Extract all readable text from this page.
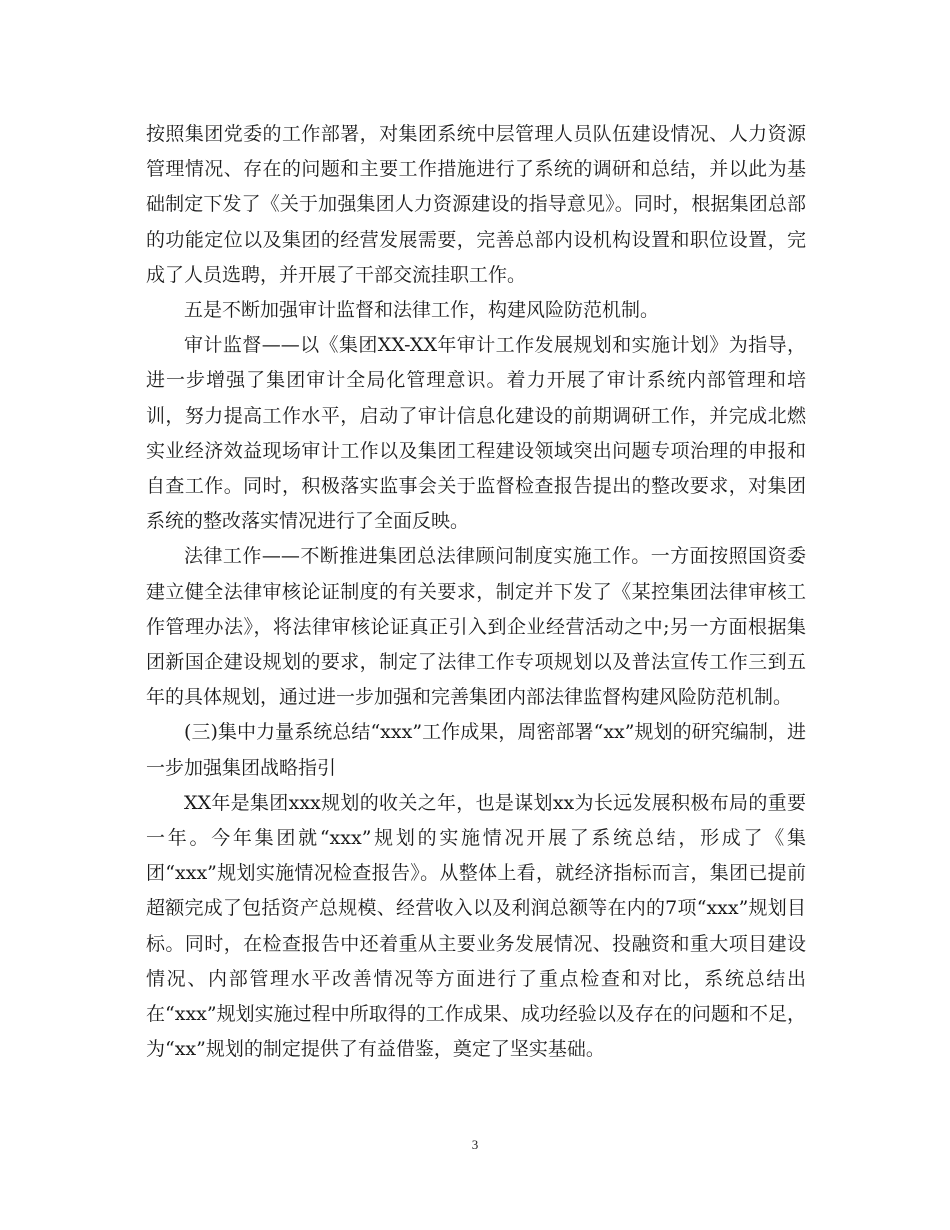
按照集团党委的工作部署，对集团系统中层管理人员队伍建设情况、人力资源管理情况、存在的问题和主要工作措施进行了系统的调研和总结，并以此为基础制定下发了《关于加强集团人力资源建设的指导意见》。同时，根据集团总部的功能定位以及集团的经营发展需要，完善总部内设机构设置和职位设置，完成了人员选聘，并开展了干部交流挂职工作。

五是不断加强审计监督和法律工作，构建风险防范机制。

审计监督——以《集团XX-XX年审计工作发展规划和实施计划》为指导，进一步增强了集团审计全局化管理意识。着力开展了审计系统内部管理和培训，努力提高工作水平，启动了审计信息化建设的前期调研工作，并完成北燃实业经济效益现场审计工作以及集团工程建设领域突出问题专项治理的申报和自查工作。同时，积极落实监事会关于监督检查报告提出的整改要求，对集团系统的整改落实情况进行了全面反映。

法律工作——不断推进集团总法律顾问制度实施工作。一方面按照国资委建立健全法律审核论证制度的有关要求，制定并下发了《某控集团法律审核工作管理办法》，将法律审核论证真正引入到企业经营活动之中;另一方面根据集团新国企建设规划的要求，制定了法律工作专项规划以及普法宣传工作三到五年的具体规划，通过进一步加强和完善集团内部法律监督构建风险防范机制。

(三)集中力量系统总结“xxx”工作成果，周密部署“xx”规划的研究编制，进一步加强集团战略指引

XX年是集团xxx规划的收关之年，也是谋划xx为长远发展积极布局的重要一年。今年集团就“xxx”规划的实施情况开展了系统总结，形成了《集团“xxx”规划实施情况检查报告》。从整体上看，就经济指标而言，集团已提前超额完成了包括资产总规模、经营收入以及利润总额等在内的7项“xxx”规划目标。同时，在检查报告中还着重从主要业务发展情况、投融资和重大项目建设情况、内部管理水平改善情况等方面进行了重点检查和对比，系统总结出在“xxx”规划实施过程中所取得的工作成果、成功经验以及存在的问题和不足，为“xx”规划的制定提供了有益借鉴，奠定了坚实基础。

3
